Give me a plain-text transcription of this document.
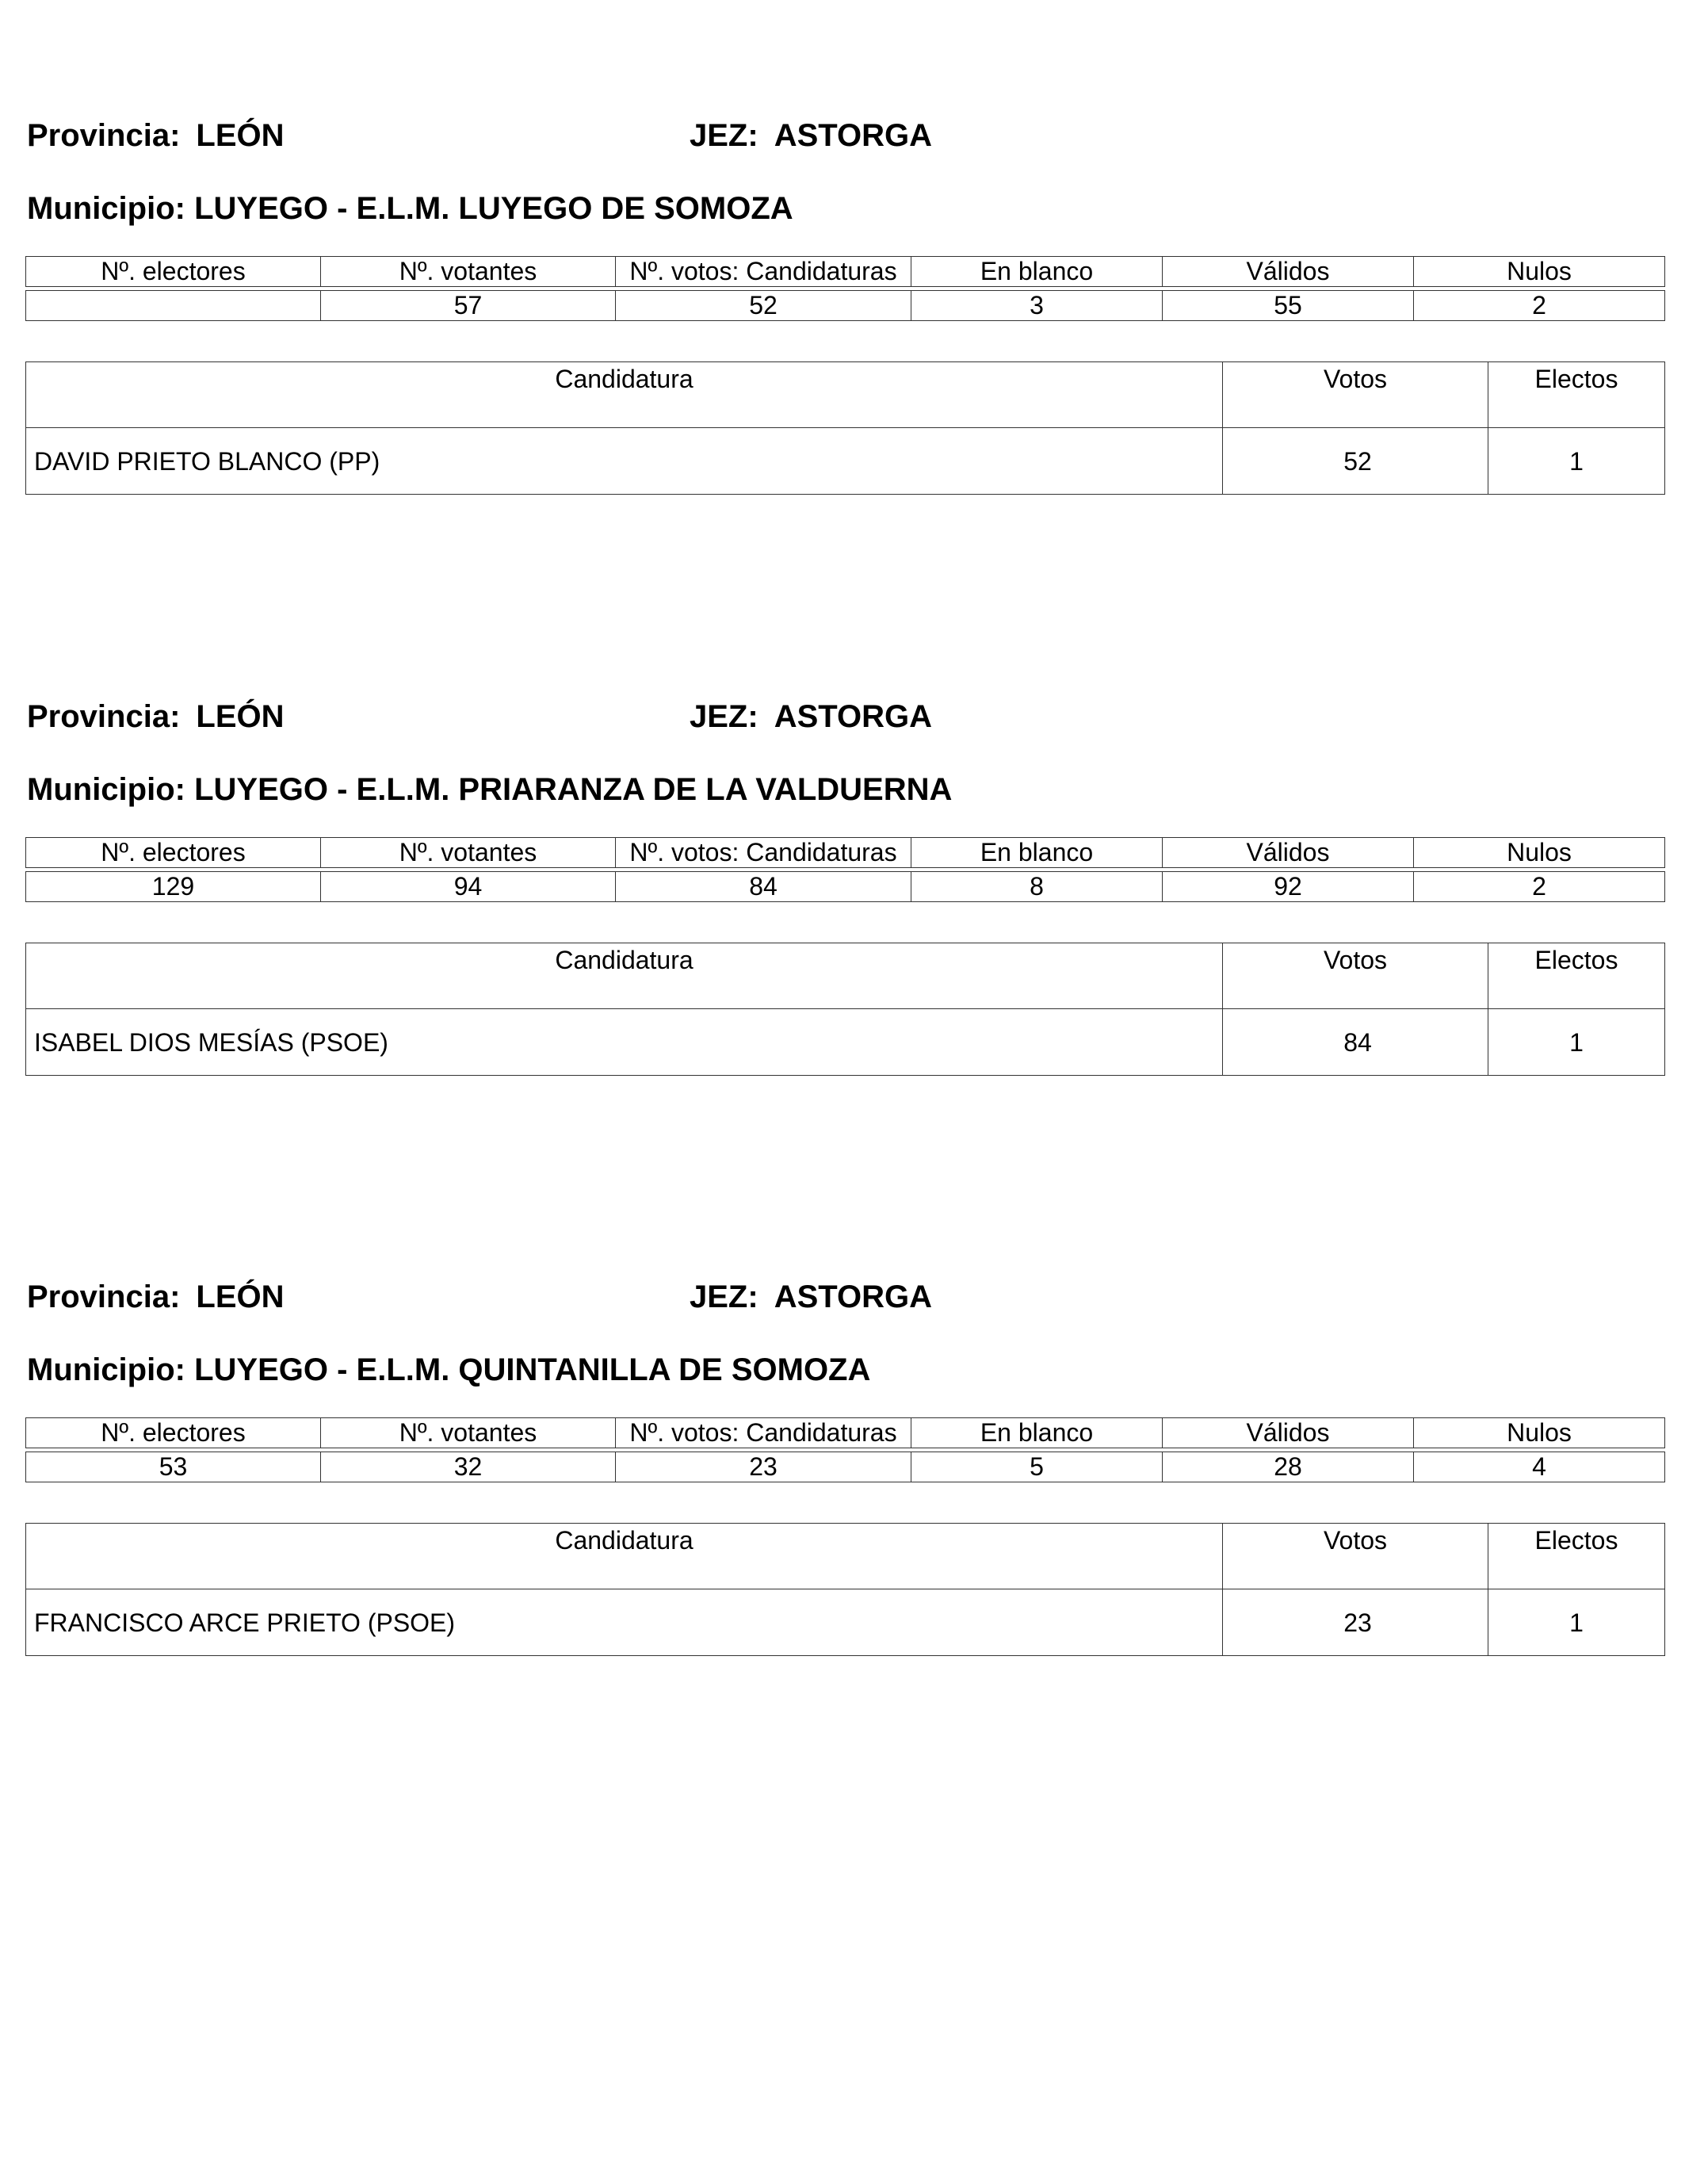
Provincia: LEÓN	JEZ: ASTORGA
Municipio: LUYEGO - E.L.M. LUYEGO DE SOMOZA
Nº. electores	Nº. votantes	Nº. votos: Candidaturas	En blanco	Válidos	Nulos

	57	52	3	55	2
Candidatura	Votos	Electos
DAVID PRIETO BLANCO (PP)	52	1
Provincia: LEÓN	JEZ: ASTORGA
Municipio: LUYEGO - E.L.M. PRIARANZA DE LA VALDUERNA
Nº. electores	Nº. votantes	Nº. votos: Candidaturas	En blanco	Válidos	Nulos

129	94	84	8	92	2
Candidatura	Votos	Electos
ISABEL DIOS MESÍAS (PSOE)	84	1
Provincia: LEÓN	JEZ: ASTORGA
Municipio: LUYEGO - E.L.M. QUINTANILLA DE SOMOZA
Nº. electores	Nº. votantes	Nº. votos: Candidaturas	En blanco	Válidos	Nulos

53	32	23	5	28	4
Candidatura	Votos	Electos
FRANCISCO ARCE PRIETO (PSOE)	23	1
